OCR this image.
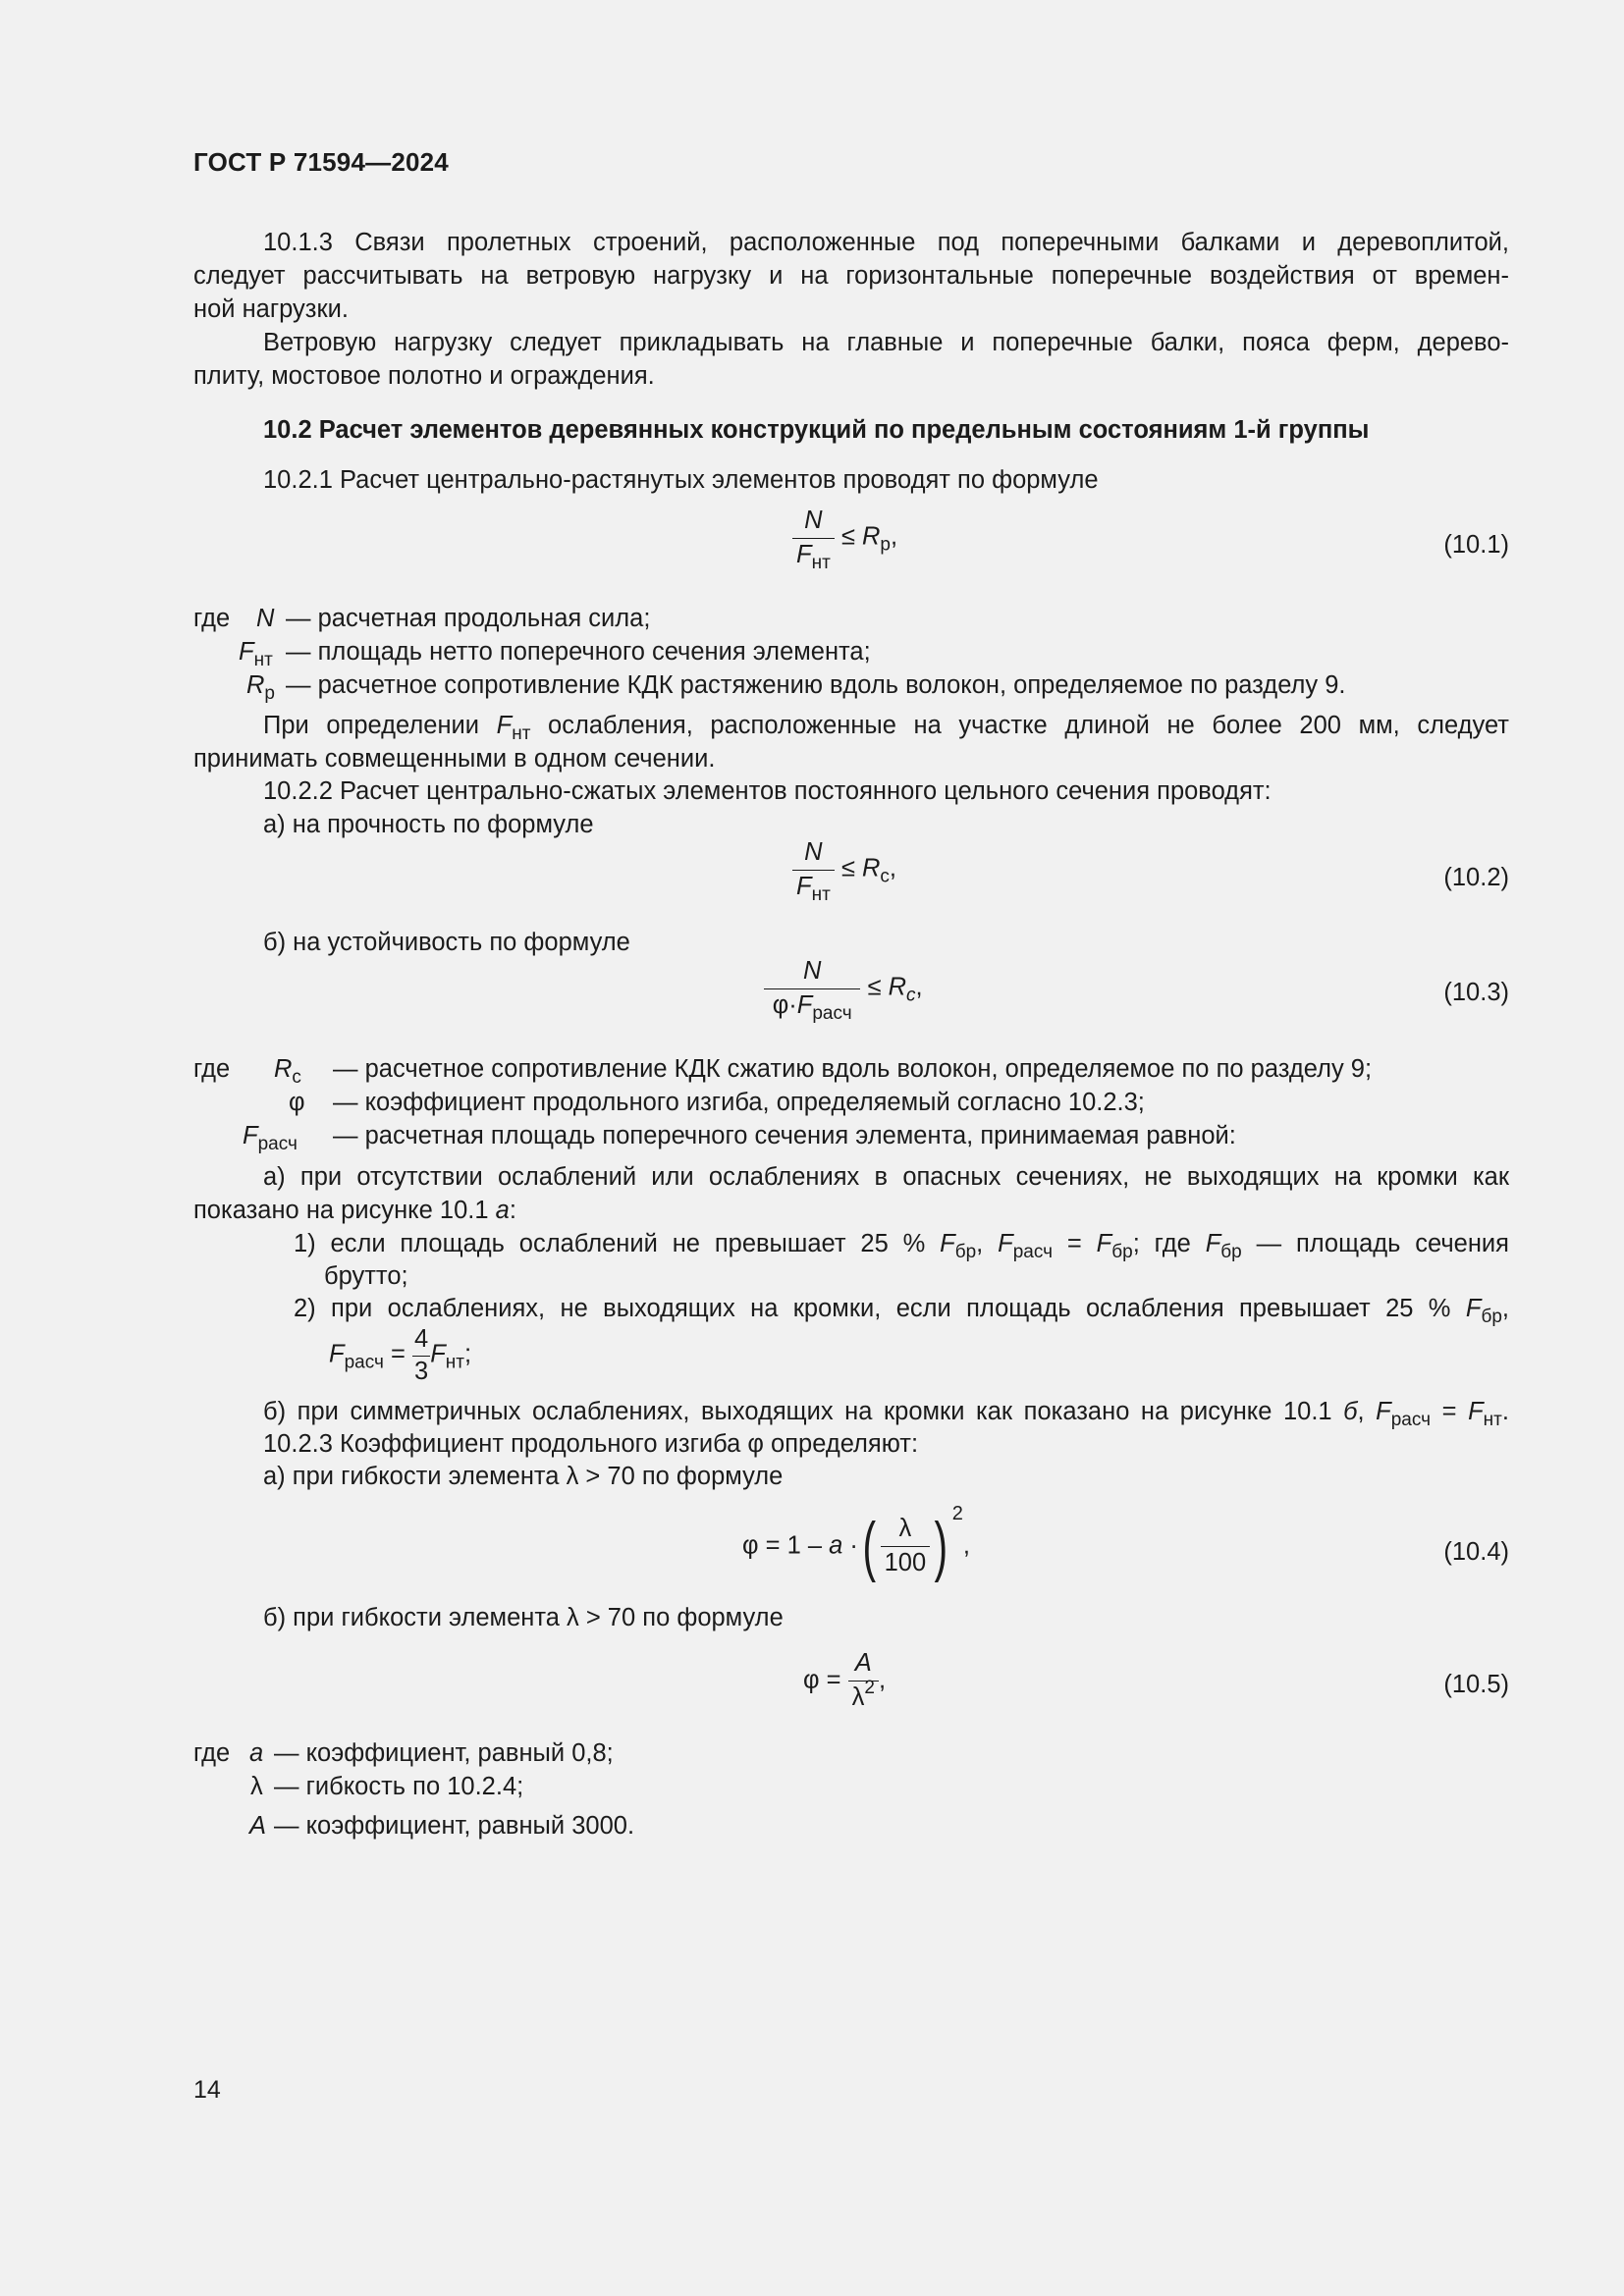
ГОСТ Р 71594—2024
10.1.3 Связи пролетных строений, расположенные под поперечными балками и деревоплитой,
следует рассчитывать на ветровую нагрузку и на горизонтальные поперечные воздействия от времен-
ной нагрузки.
Ветровую нагрузку следует прикладывать на главные и поперечные балки, пояса ферм, дерево-
плиту, мостовое полотно и ограждения.
10.2 Расчет элементов деревянных конструкций по предельным состояниям 1-й группы
10.2.1 Расчет центрально-растянутых элементов проводят по формуле
$\frac{N}{F_{нт}} \le R_р$,	(10.1)
где N — расчетная продольная сила;
$F_{нт}$ — площадь нетто поперечного сечения элемента;
$R_р$ — расчетное сопротивление КДК растяжению вдоль волокон, определяемое по разделу 9.
При определении $F_{нт}$ ослабления, расположенные на участке длиной не более 200 мм, следует
принимать совмещенными в одном сечении.
10.2.2 Расчет центрально-сжатых элементов постоянного цельного сечения проводят:
а) на прочность по формуле
$\frac{N}{F_{нт}} \le R_с$,	(10.2)
б) на устойчивость по формуле
$\frac{N}{\varphi\cdot F_{расч}} \le R_c$,	(10.3)
где $R_с$ — расчетное сопротивление КДК сжатию вдоль волокон, определяемое по по разделу 9;
φ — коэффициент продольного изгиба, определяемый согласно 10.2.3;
$F_{расч}$ — расчетная площадь поперечного сечения элемента, принимаемая равной:
а) при отсутствии ослаблений или ослаблениях в опасных сечениях, не выходящих на кромки как
показано на рисунке 10.1 а:
1) если площадь ослаблений не превышает 25 % $F_{бр}$, $F_{расч} = F_{бр}$; где $F_{бр}$ — площадь сечения
брутто;
2) при ослаблениях, не выходящих на кромки, если площадь ослабления превышает 25 % $F_{бр}$,
$F_{расч} = \frac{4}{3} F_{нт}$;
б) при симметричных ослаблениях, выходящих на кромки как показано на рисунке 10.1 б, $F_{расч} = F_{нт}$.
10.2.3 Коэффициент продольного изгиба φ определяют:
а) при гибкости элемента λ > 70 по формуле
φ = 1 – a ·( $\frac{\lambda}{100}$ ) $^2$,	(10.4)
б) при гибкости элемента λ > 70 по формуле
$\varphi = \frac{A}{\lambda^2}$ ,	(10.5)
где a — коэффициент, равный 0,8;
λ — гибкость по 10.2.4;
A — коэффициент, равный 3000.
14
